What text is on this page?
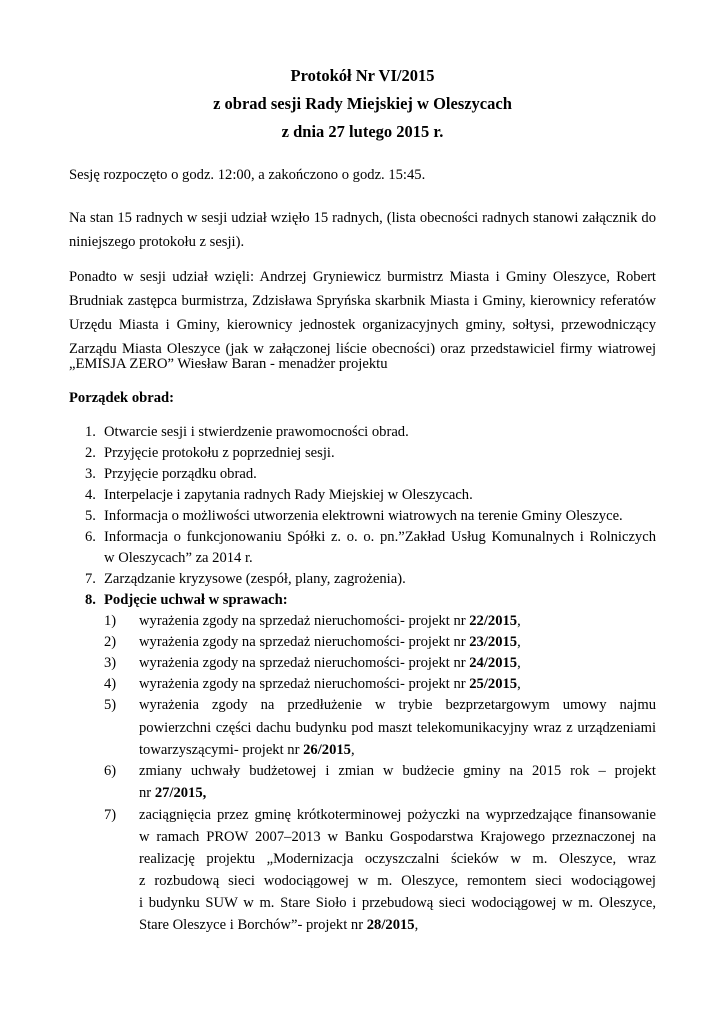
Protokół Nr VI/2015
z obrad sesji Rady Miejskiej w Oleszycach
z dnia 27 lutego 2015 r.
Sesję rozpoczęto o godz. 12:00, a zakończono o godz. 15:45.
Na stan 15 radnych w sesji udział wzięło 15 radnych, (lista obecności radnych stanowi załącznik do
niniejszego protokołu z sesji).
Ponadto w sesji udział wzięli: Andrzej Gryniewicz burmistrz Miasta i Gminy Oleszyce, Robert
Brudniak zastępca burmistrza, Zdzisława Spryńska skarbnik Miasta i Gminy, kierownicy referatów
Urzędu Miasta i Gminy, kierownicy jednostek organizacyjnych gminy, sołtysi, przewodniczący
Zarządu Miasta Oleszyce (jak w załączonej liście obecności) oraz przedstawiciel firmy wiatrowej
„EMISJA ZERO” Wiesław Baran - menadżer projektu
Porządek obrad:
1. Otwarcie sesji i stwierdzenie prawomocności obrad.
2. Przyjęcie protokołu z poprzedniej sesji.
3. Przyjęcie porządku obrad.
4. Interpelacje i zapytania radnych Rady Miejskiej w Oleszycach.
5. Informacja o możliwości utworzenia elektrowni wiatrowych na terenie Gminy Oleszyce.
6. Informacja o funkcjonowaniu Spółki z. o. o. pn.”Zakład Usług Komunalnych i Rolniczych
w Oleszycach” za 2014 r.
7. Zarządzanie kryzysowe (zespół, plany, zagrożenia).
8. Podjęcie uchwał w sprawach:
1) wyrażenia zgody na sprzedaż nieruchomości- projekt nr 22/2015,
2) wyrażenia zgody na sprzedaż nieruchomości- projekt nr 23/2015,
3) wyrażenia zgody na sprzedaż nieruchomości- projekt nr 24/2015,
4) wyrażenia zgody na sprzedaż nieruchomości- projekt nr 25/2015,
5) wyrażenia zgody na przedłużenie w trybie bezprzetargowym umowy najmu
powierzchni części dachu budynku pod maszt telekomunikacyjny wraz z urządzeniami
towarzyszącymi- projekt nr 26/2015,
6) zmiany uchwały budżetowej i zmian w budżecie gminy na 2015 rok – projekt
nr 27/2015,
7) zaciągnięcia przez gminę krótkoterminowej pożyczki na wyprzedzające finansowanie
w ramach PROW 2007–2013 w Banku Gospodarstwa Krajowego przeznaczonej na
realizację projektu „Modernizacja oczyszczalni ścieków w m. Oleszyce, wraz
z rozbudową sieci wodociągowej w m. Oleszyce, remontem sieci wodociągowej
i budynku SUW w m. Stare Sioło i przebudową sieci wodociągowej w m. Oleszyce,
Stare Oleszyce i Borchów”- projekt nr 28/2015,
